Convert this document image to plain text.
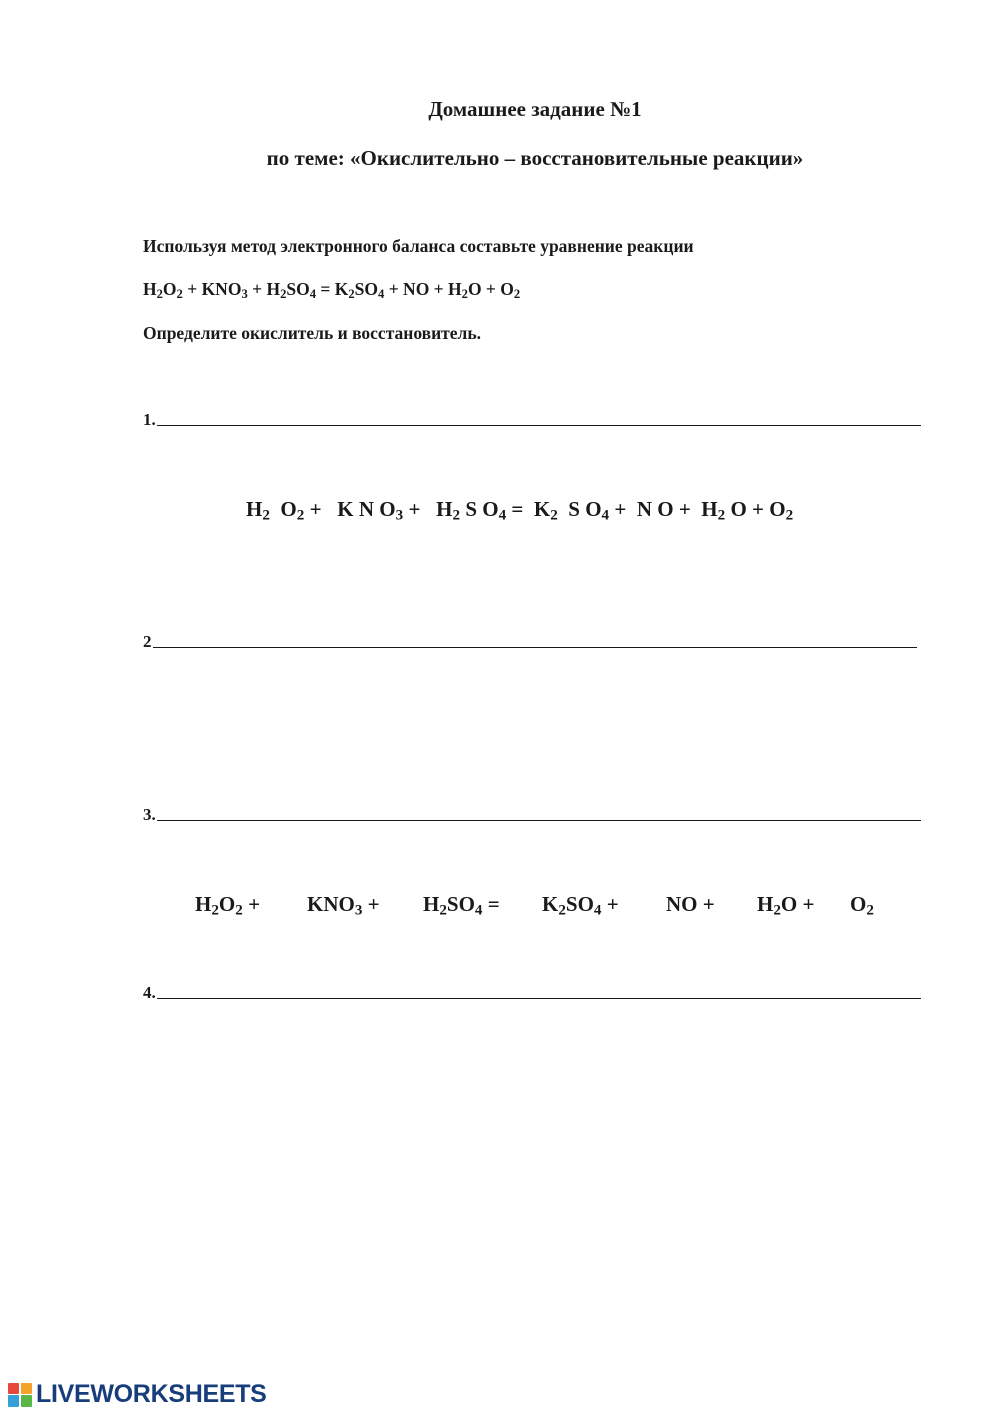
Домашнее задание №1
по теме: «Окислительно – восстановительные реакции»
Используя метод электронного баланса составьте уравнение реакции
$H_2O_2 + KNO_3 + H_2SO_4 = K_2SO_4$ + NO + $H_2O + O_2$
Определите окислитель и восстановитель.
1.
$H_2$ $O_2 + K$ N $O_3 + H_2$ S $O_4 = K_2$ S $O_4 + N$ $O + H_2$ $O + O_2$
2
3.
$H_2O_2 + KNO_3 + H_2SO_4 = K_2SO_4$ + NO + $H_2O + O_2$
4.
LIVEWORKSHEETS
